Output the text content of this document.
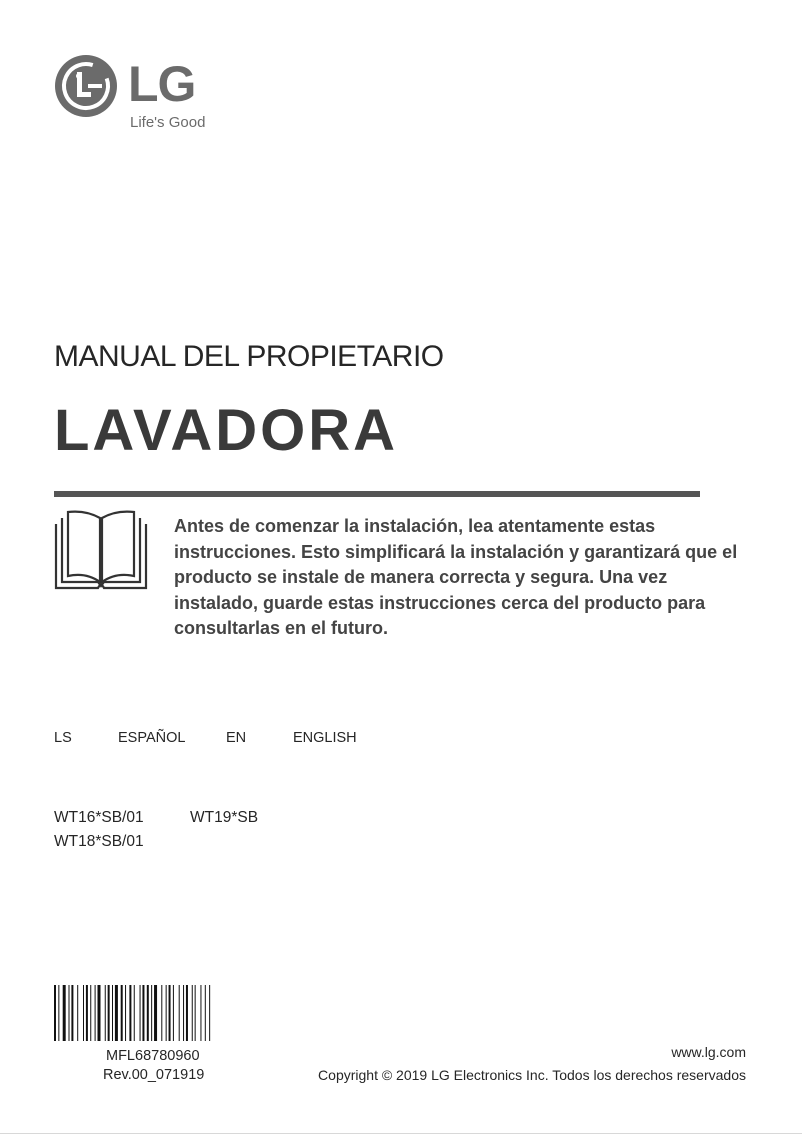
LG
Life's Good
MANUAL DEL PROPIETARIO
LAVADORA
Antes de comenzar la instalación, lea atentamente estas instrucciones. Esto simplificará la instalación y garantizará que el producto se instale de manera correcta y segura. Una vez instalado, guarde estas instrucciones cerca del producto para consultarlas en el futuro.
LS	ESPAÑOL	EN	ENGLISH
WT16*SB/01	WT19*SB
WT18*SB/01
MFL68780960
Rev.00_071919
www.lg.com
Copyright © 2019 LG Electronics Inc. Todos los derechos reservados
